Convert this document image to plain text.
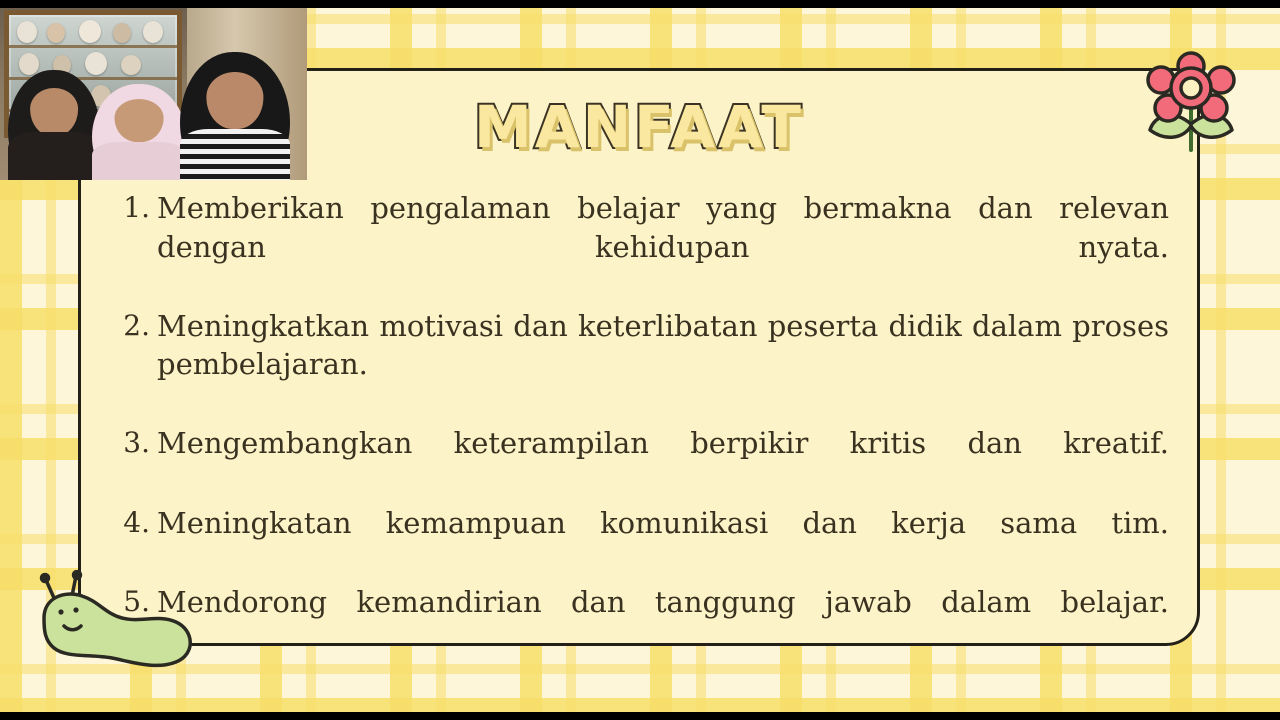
MANFAAT
1. Memberikan pengalaman belajar yang bermakna dan relevan dengan kehidupan nyata.
2. Meningkatkan motivasi dan keterlibatan peserta didik dalam proses pembelajaran.
3. Mengembangkan keterampilan berpikir kritis dan kreatif.
4. Meningkatan kemampuan komunikasi dan kerja sama tim.
5. Mendorong kemandirian dan tanggung jawab dalam belajar.
